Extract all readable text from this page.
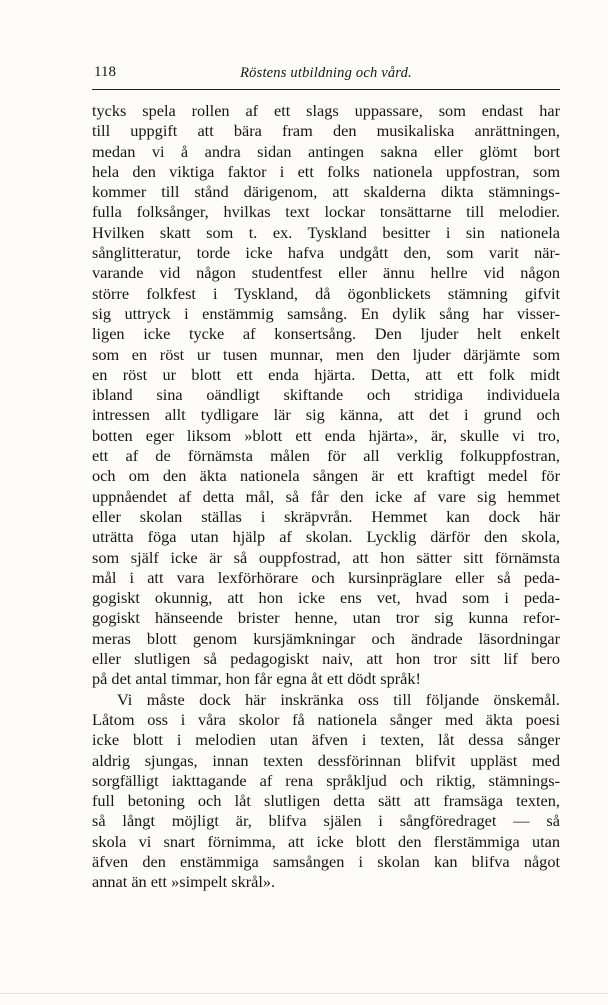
118	Röstens utbildning och vård.
tycks spela rollen af ett slags uppassare, som endast har
till uppgift att bära fram den musikaliska anrättningen,
medan vi å andra sidan antingen sakna eller glömt bort
hela den viktiga faktor i ett folks nationela uppfostran, som
kommer till stånd därigenom, att skalderna dikta stämnings-
fulla folksånger, hvilkas text lockar tonsättarne till melodier.
Hvilken skatt som t. ex. Tyskland besitter i sin nationela
sånglitteratur, torde icke hafva undgått den, som varit när-
varande vid någon studentfest eller ännu hellre vid någon
större folkfest i Tyskland, då ögonblickets stämning gifvit
sig uttryck i enstämmig samsång. En dylik sång har visser-
ligen icke tycke af konsertsång. Den ljuder helt enkelt
som en röst ur tusen munnar, men den ljuder därjämte som
en röst ur blott ett enda hjärta. Detta, att ett folk midt
ibland sina oändligt skiftande och stridiga individuela
intressen allt tydligare lär sig känna, att det i grund och
botten eger liksom »blott ett enda hjärta», är, skulle vi tro,
ett af de förnämsta målen för all verklig folkuppfostran,
och om den äkta nationela sången är ett kraftigt medel för
uppnåendet af detta mål, så får den icke af vare sig hemmet
eller skolan ställas i skräpvrån. Hemmet kan dock här
uträtta föga utan hjälp af skolan. Lycklig därför den skola,
som själf icke är så ouppfostrad, att hon sätter sitt förnämsta
mål i att vara lexförhörare och kursinpräglare eller så peda-
gogiskt okunnig, att hon icke ens vet, hvad som i peda-
gogiskt hänseende brister henne, utan tror sig kunna refor-
meras blott genom kursjämkningar och ändrade läsordningar
eller slutligen så pedagogiskt naiv, att hon tror sitt lif bero
på det antal timmar, hon får egna åt ett dödt språk!
Vi måste dock här inskränka oss till följande önskemål.
Låtom oss i våra skolor få nationela sånger med äkta poesi
icke blott i melodien utan äfven i texten, låt dessa sånger
aldrig sjungas, innan texten dessförinnan blifvit uppläst med
sorgfälligt iakttagande af rena språkljud och riktig, stämnings-
full betoning och låt slutligen detta sätt att framsäga texten,
så långt möjligt är, blifva själen i sångföredraget — så
skola vi snart förnimma, att icke blott den flerstämmiga utan
äfven den enstämmiga samsången i skolan kan blifva något
annat än ett »simpelt skrål».
